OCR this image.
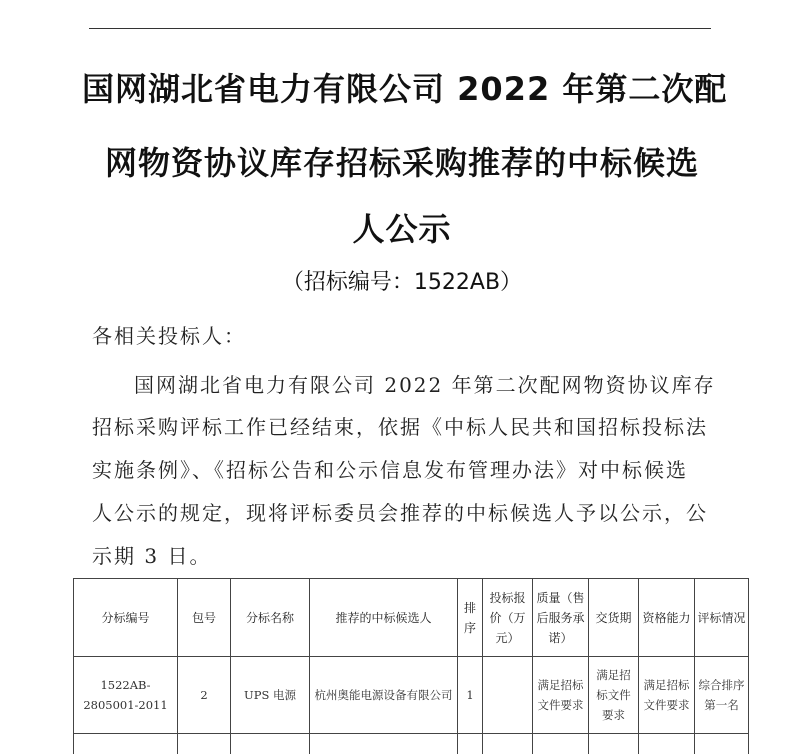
国网湖北省电力有限公司 2022 年第二次配
网物资协议库存招标采购推荐的中标候选
人公示
（招标编号：1522AB）
各相关投标人：
国网湖北省电力有限公司 2022 年第二次配网物资协议库存
招标采购评标工作已经结束，依据《中标人民共和国招标投标法
实施条例》、《招标公告和公示信息发布管理办法》对中标候选
人公示的规定，现将评标委员会推荐的中标候选人予以公示，公
示期 3 日。
分标编号	包号	分标名称	推荐的中标候选人	排序	投标报价（万元）	质量（售后服务承诺）	交货期	资格能力	评标情况
1522AB-2805001-2011	2	UPS 电源	杭州奥能电源设备有限公司	1		满足招标文件要求	满足招标文件要求	满足招标文件要求	综合排序第一名
